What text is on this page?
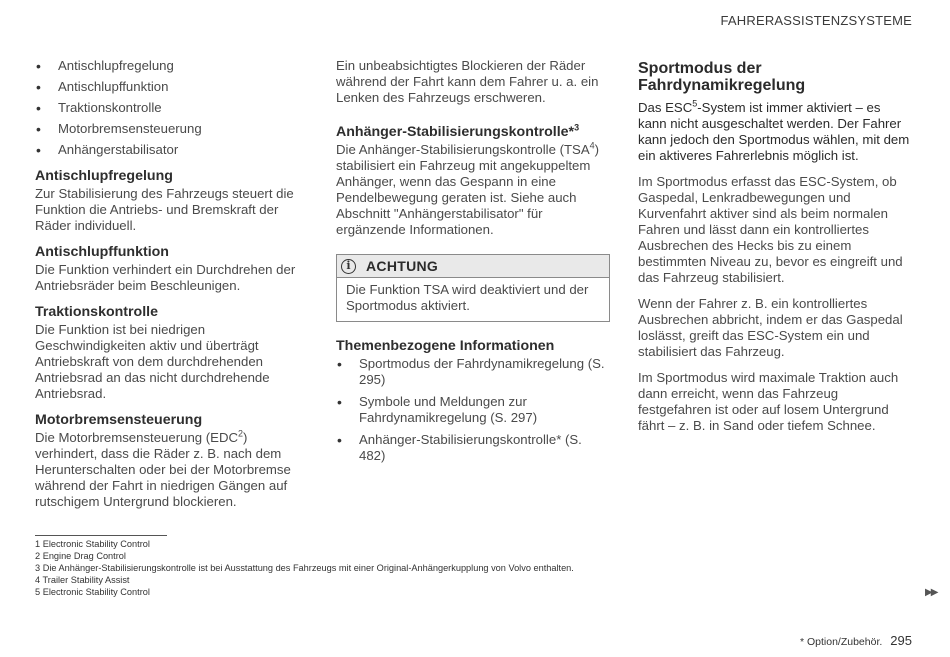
FAHRERASSISTENZSYSTEME
• Antischlupfregelung
• Antischlupffunktion
• Traktionskontrolle
• Motorbremsensteuerung
• Anhängerstabilisator
Antischlupfregelung

Zur Stabilisierung des Fahrzeugs steuert die Funktion die Antriebs- und Bremskraft der Räder individuell.

Antischlupffunktion

Die Funktion verhindert ein Durchdrehen der Antriebsräder beim Beschleunigen.

Traktionskontrolle

Die Funktion ist bei niedrigen Geschwindigkeiten aktiv und überträgt Antriebskraft von dem durchdrehenden Antriebsrad an das nicht durchdrehende Antriebsrad.

Motorbremsensteuerung

Die Motorbremsensteuerung (EDC$^2$) verhindert, dass die Räder z. B. nach dem Herunterschalten oder bei der Motorbremse während der Fahrt in niedrigen Gängen auf rutschigem Untergrund blockieren.

Ein unbeabsichtigtes Blockieren der Räder während der Fahrt kann dem Fahrer u. a. ein Lenken des Fahrzeugs erschweren.

Anhänger-Stabilisierungskontrolle*$^3$

Die Anhänger-Stabilisierungskontrolle (TSA$^4$) stabilisiert ein Fahrzeug mit angekuppeltem Anhänger, wenn das Gespann in eine Pendelbewegung geraten ist. Siehe auch Abschnitt "Anhängerstabilisator" für ergänzende Informationen.

i	ACHTUNG
Die Funktion TSA wird deaktiviert und der Sportmodus aktiviert.
Themenbezogene Informationen
• Sportmodus der Fahrdynamikregelung (S. 295)
• Symbole und Meldungen zur Fahrdynamikregelung (S. 297)
• Anhänger-Stabilisierungskontrolle* (S. 482)
Sportmodus der Fahrdynamikregelung

Das ESC$^5$-System ist immer aktiviert – es kann nicht ausgeschaltet werden. Der Fahrer kann jedoch den Sportmodus wählen, mit dem ein aktiveres Fahrerlebnis möglich ist.

Im Sportmodus erfasst das ESC-System, ob Gaspedal, Lenkradbewegungen und Kurvenfahrt aktiver sind als beim normalen Fahren und lässt dann ein kontrolliertes Ausbrechen des Hecks bis zu einem bestimmten Niveau zu, bevor es eingreift und das Fahrzeug stabilisiert.

Wenn der Fahrer z. B. ein kontrolliertes Ausbrechen abbricht, indem er das Gaspedal loslässt, greift das ESC-System ein und stabilisiert das Fahrzeug.

Im Sportmodus wird maximale Traktion auch dann erreicht, wenn das Fahrzeug festgefahren ist oder auf losem Untergrund fährt – z. B. in Sand oder tiefem Schnee.

1 Electronic Stability Control
2 Engine Drag Control
3 Die Anhänger-Stabilisierungskontrolle ist bei Ausstattung des Fahrzeugs mit einer Original-Anhängerkupplung von Volvo enthalten.
4 Trailer Stability Assist
5 Electronic Stability Control	▶▶
* Option/Zubehör. 295
